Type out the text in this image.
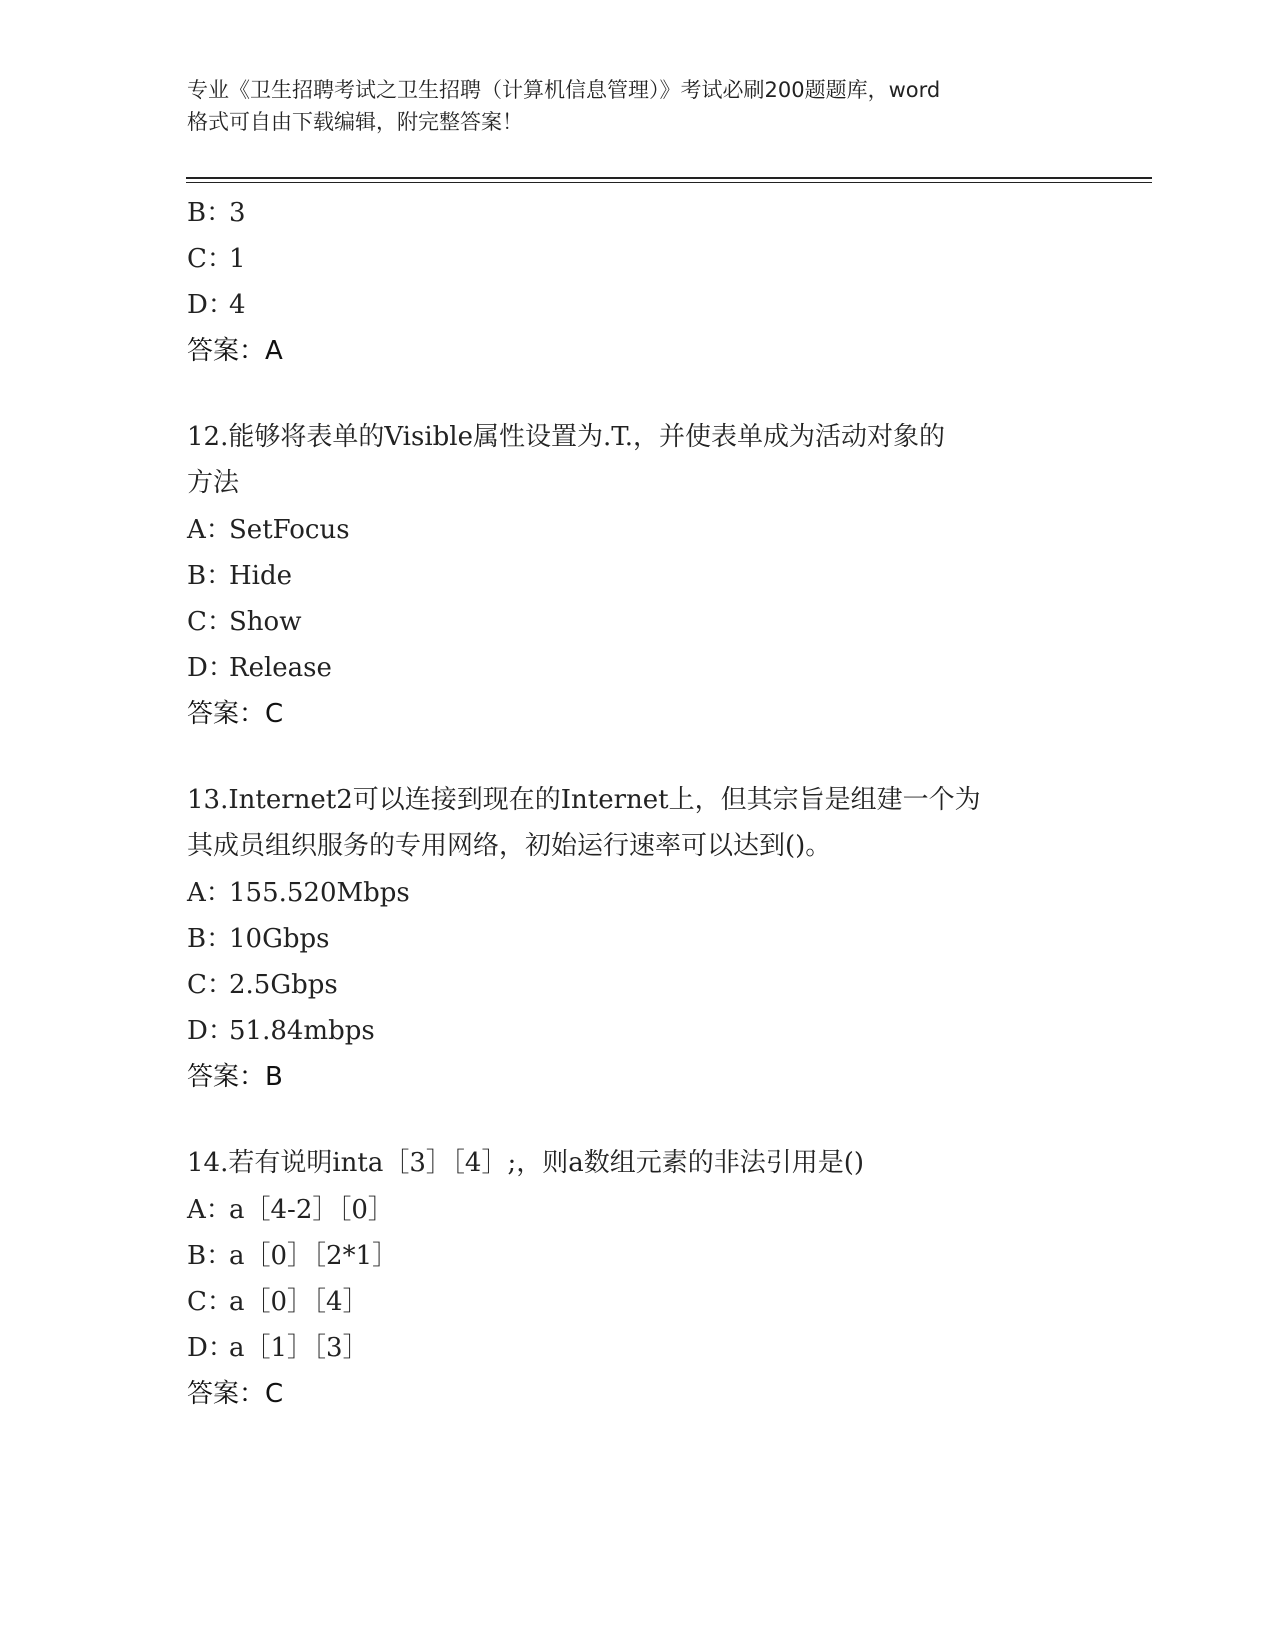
专业《卫生招聘考试之卫生招聘（计算机信息管理）》考试必刷200题题库，word
格式可自由下载编辑，附完整答案！
B：3
C：1
D：4
答案：A
12.能够将表单的Visible属性设置为.T.，并使表单成为活动对象的
方法
A：SetFocus
B：Hide
C：Show
D：Release
答案：C
13.Internet2可以连接到现在的Internet上，但其宗旨是组建一个为
其成员组织服务的专用网络，初始运行速率可以达到()。
A：155.520Mbps
B：10Gbps
C：2.5Gbps
D：51.84mbps
答案：B
14.若有说明inta［3］［4］;，则a数组元素的非法引用是()
A：a［4-2］［0］
B：a［0］［2*1］
C：a［0］［4］
D：a［1］［3］
答案：C
